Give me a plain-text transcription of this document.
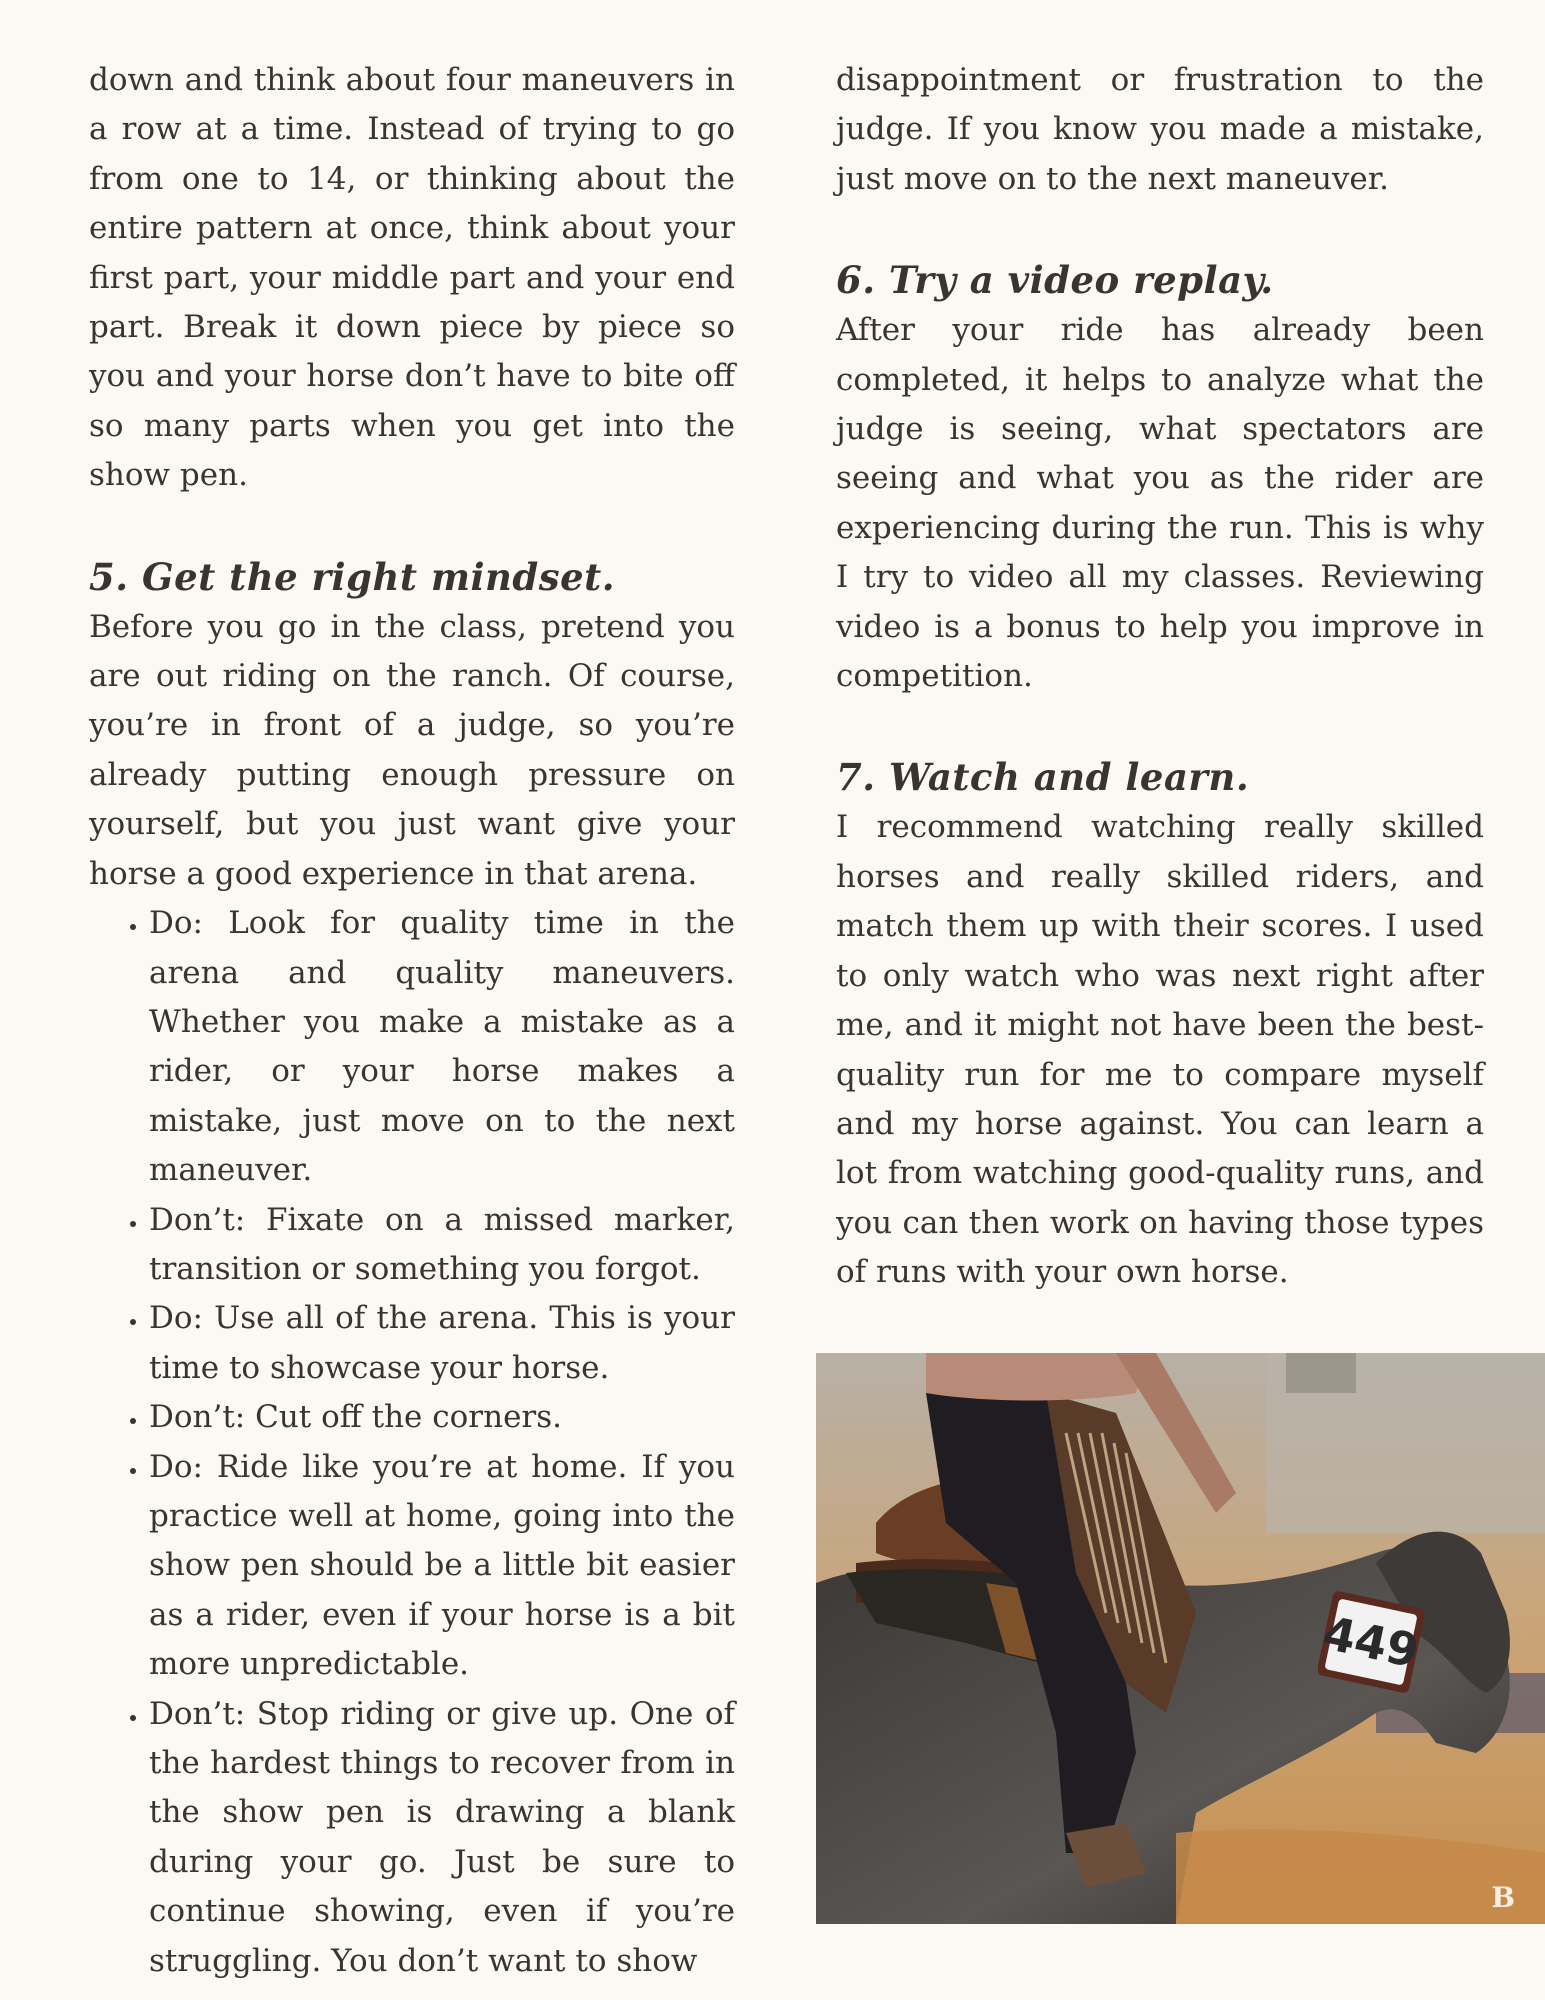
down and think about four maneuvers in a row at a time. Instead of trying to go from one to 14, or thinking about the entire pattern at once, think about your first part, your middle part and your end part. Break it down piece by piece so you and your horse don’t have to bite off so many parts when you get into the show pen.

5. Get the right mindset.

Before you go in the class, pretend you are out riding on the ranch. Of course, you’re in front of a judge, so you’re already putting enough pressure on yourself, but you just want give your horse a good experience in that arena.

• Do: Look for quality time in the arena and quality maneuvers. Whether you make a mistake as a rider, or your horse makes a mistake, just move on to the next maneuver.
• Don’t: Fixate on a missed marker, transition or something you forgot.
• Do: Use all of the arena. This is your time to showcase your horse.
• Don’t: Cut off the corners.
• Do: Ride like you’re at home. If you practice well at home, going into the show pen should be a little bit easier as a rider, even if your horse is a bit more unpredictable.
• Don’t: Stop riding or give up. One of the hardest things to recover from in the show pen is drawing a blank during your go. Just be sure to continue showing, even if you’re struggling. You don’t want to show

disappointment or frustration to the judge. If you know you made a mistake, just move on to the next maneuver.

6. Try a video replay.

After your ride has already been completed, it helps to analyze what the judge is seeing, what spectators are seeing and what you as the rider are experiencing during the run. This is why I try to video all my classes. Reviewing video is a bonus to help you improve in competition.

7. Watch and learn.

I recommend watching really skilled horses and really skilled riders, and match them up with their scores. I used to only watch who was next right after me, and it might not have been the best-quality run for me to compare myself and my horse against. You can learn a lot from watching good-quality runs, and you can then work on having those types of runs with your own horse.

449
B
